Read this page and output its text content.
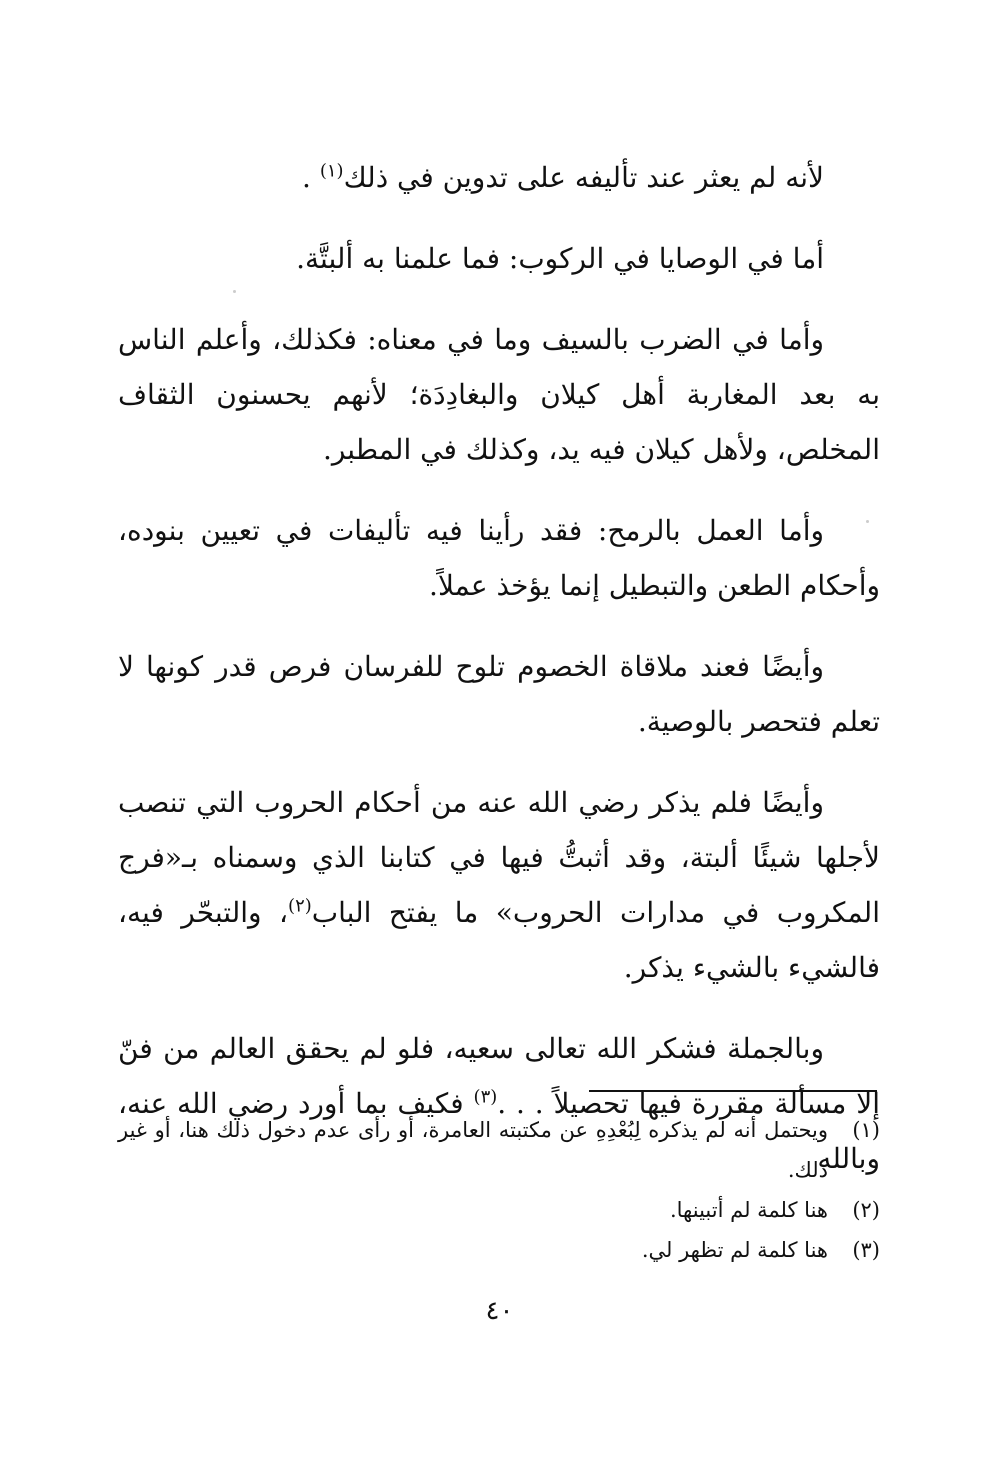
لأنه لم يعثر عند تأليفه على تدوين في ذلك$^{(١)}$ .

أما في الوصايا في الركوب: فما علمنا به ألبتَّة.

وأما في الضرب بالسيف وما في معناه: فكذلك، وأعلم الناس به بعد المغاربة أهل كيلان والبغادِدَة؛ لأنهم يحسنون الثقاف المخلص، ولأهل كيلان فيه يد، وكذلك في المطبر.

وأما العمل بالرمح: فقد رأينا فيه تأليفات في تعيين بنوده، وأحكام الطعن والتبطيل إنما يؤخذ عملاً.

وأيضًا فعند ملاقاة الخصوم تلوح للفرسان فرص قدر كونها لا تعلم فتحصر بالوصية.

وأيضًا فلم يذكر رضي الله عنه من أحكام الحروب التي تنصب لأجلها شيئًا ألبتة، وقد أثبتُّ فيها في كتابنا الذي وسمناه بـ«فرج المكروب في مدارات الحروب» ما يفتح الباب$^{(٢)}$، والتبحّر فيه، فالشيء بالشيء يذكر.

وبالجملة فشكر الله تعالى سعيه، فلو لم يحقق العالم من فنّ إلا مسألة مقررة فيها تحصيلاً . . .$^{(٣)}$ فكيف بما أورد رضي الله عنه، وبالله

(١)
ويحتمل أنه لم يذكره لِبُعْدِهِ عن مكتبته العامرة، أو رأى عدم دخول ذلك هنا، أو غير ذلك.
(٢)
هنا كلمة لم أتبينها.
(٣)
هنا كلمة لم تظهر لي.
٤٠
